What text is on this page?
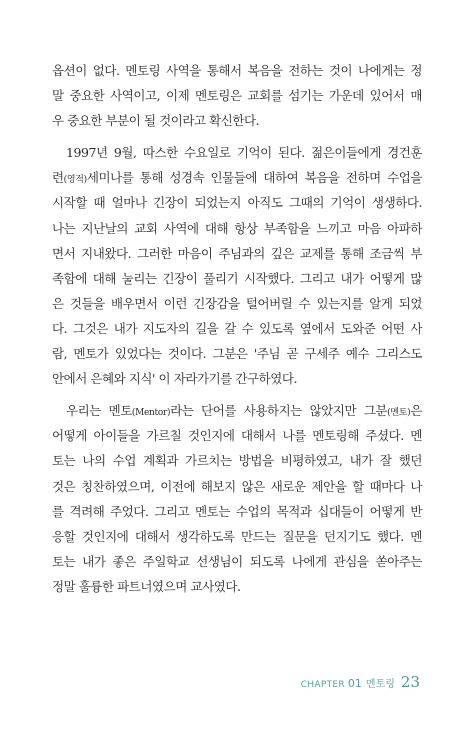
옵션이 없다. 멘토링 사역을 통해서 복음을 전하는 것이 나에게는 정
말 중요한 사역이고, 이제 멘토링은 교회를 섬기는 가운데 있어서 매
우 중요한 부분이 될 것이라고 확신한다.
1997년 9월, 따스한 수요일로 기억이 된다. 젊은이들에게 경건훈
련(영적)세미나를 통해 성경속 인물들에 대하여 복음을 전하며 수업을
시작할 때 얼마나 긴장이 되었는지 아직도 그때의 기억이 생생하다.
나는 지난날의 교회 사역에 대해 항상 부족함을 느끼고 마음 아파하
면서 지내왔다. 그러한 마음이 주님과의 깊은 교제를 통해 조금씩 부
족함에 대해 눌리는 긴장이 풀리기 시작했다. 그리고 내가 어떻게 많
은 것들을 배우면서 이런 긴장감을 털어버릴 수 있는지를 알게 되었
다. 그것은 내가 지도자의 길을 갈 수 있도록 옆에서 도와준 어떤 사
람, 멘토가 있었다는 것이다. 그분은 '주님 곧 구세주 예수 그리스도
안에서 은혜와 지식' 이 자라가기를 간구하였다.
우리는 멘토(Mentor)라는 단어를 사용하지는 않았지만 그분(멘토)은
어떻게 아이들을 가르칠 것인지에 대해서 나를 멘토링해 주셨다. 멘
토는 나의 수업 계획과 가르치는 방법을 비평하였고, 내가 잘 했던
것은 칭찬하였으며, 이전에 해보지 않은 새로운 제안을 할 때마다 나
를 격려해 주었다. 그리고 멘토는 수업의 목적과 십대들이 어떻게 반
응할 것인지에 대해서 생각하도록 만드는 질문을 던지기도 했다. 멘
토는 내가 좋은 주일학교 선생님이 되도록 나에게 관심을 쏟아주는
정말 훌륭한 파트너였으며 교사였다.
CHAPTER 01 멘토링 23
